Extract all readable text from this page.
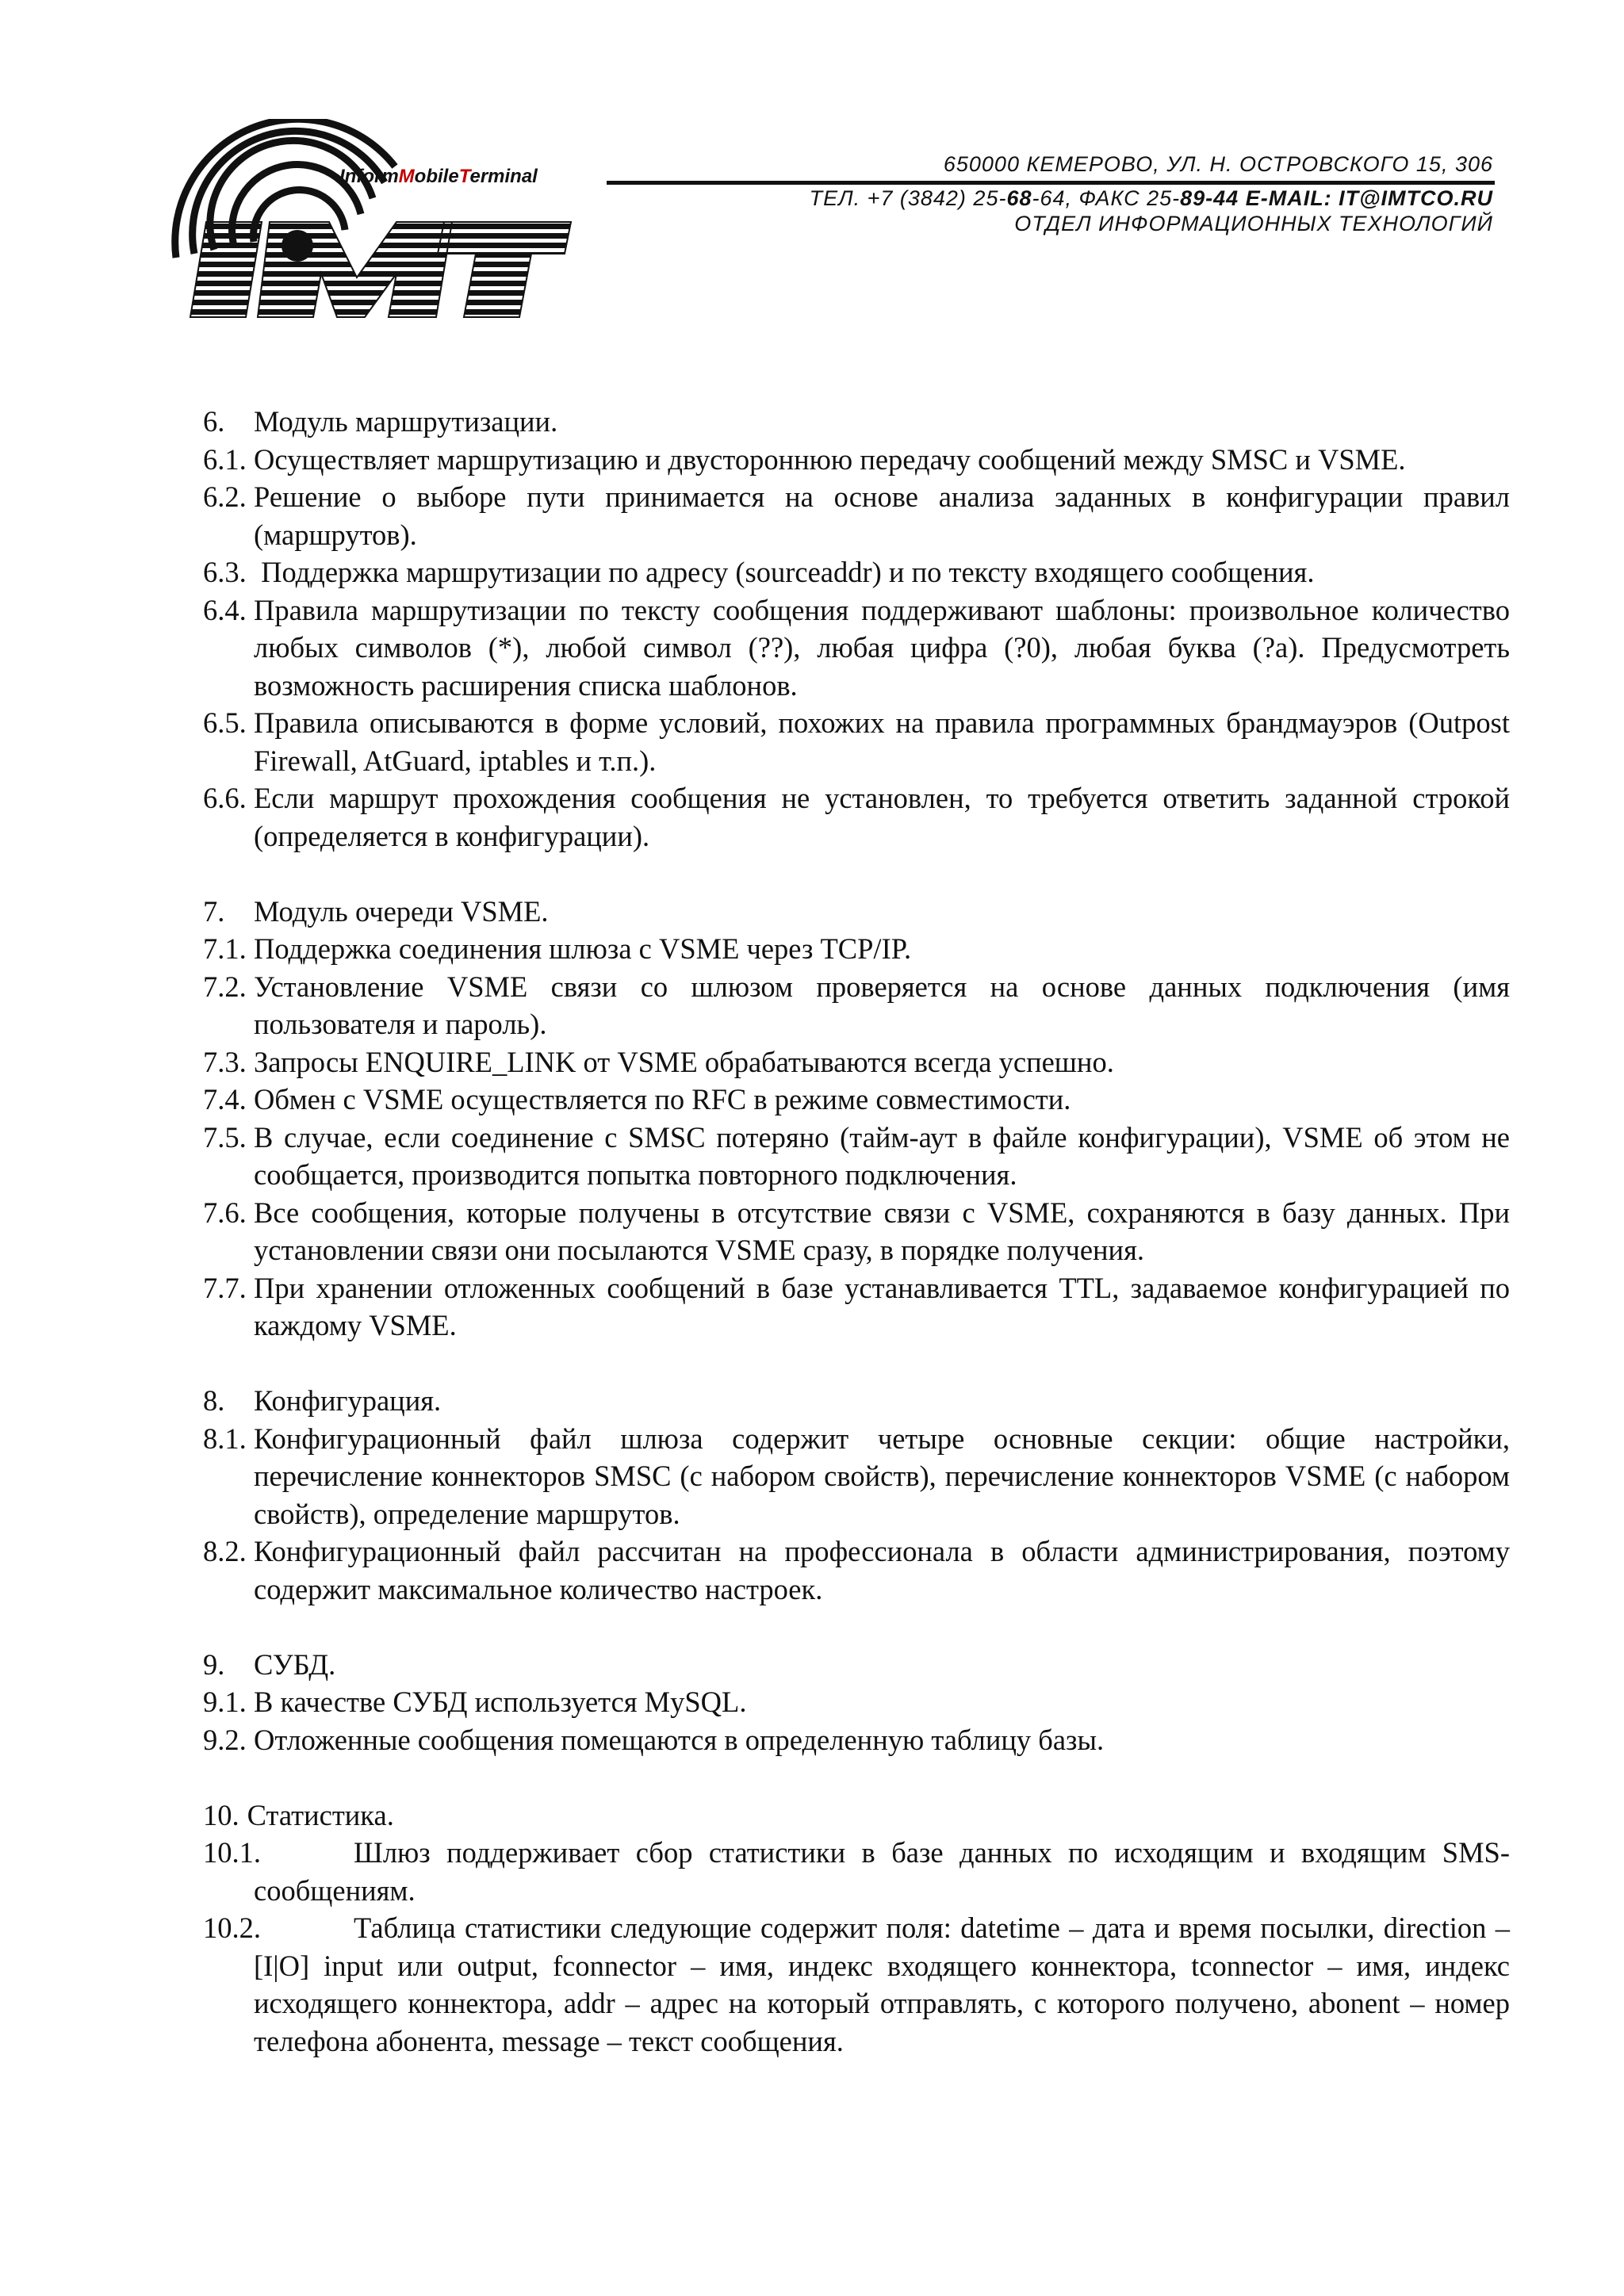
InformMobileTerminal
650000 КЕМЕРОВО, УЛ. Н. ОСТРОВСКОГО 15, 306
ТЕЛ. +7 (3842) 25-68-64, ФАКС 25-89-44 E-MAIL: IT@IMTCO.RU
ОТДЕЛ ИНФОРМАЦИОННЫХ ТЕХНОЛОГИЙ
6.	Модуль маршрутизации.
6.1. Осуществляет маршрутизацию и двустороннюю передачу сообщений между SMSC и VSME.
6.2. Решение о выборе пути принимается на основе анализа заданных в конфигурации правил (маршрутов).
6.3. Поддержка маршрутизации по адресу (sourceaddr) и по тексту входящего сообщения.
6.4. Правила маршрутизации по тексту сообщения поддерживают шаблоны: произвольное количество любых символов (*), любой символ (??), любая цифра (?0), любая буква (?a). Предусмотреть возможность расширения списка шаблонов.
6.5. Правила описываются в форме условий, похожих на правила программных брандмауэров (Outpost Firewall, AtGuard, iptables и т.п.).
6.6. Если маршрут прохождения сообщения не установлен, то требуется ответить заданной строкой (определяется в конфигурации).
7.	Модуль очереди VSME.
7.1. Поддержка соединения шлюза с VSME через TCP/IP.
7.2. Установление VSME связи со шлюзом проверяется на основе данных подключения (имя пользователя и пароль).
7.3. Запросы ENQUIRE_LINK от VSME обрабатываются всегда успешно.
7.4. Обмен с VSME осуществляется по RFC в режиме совместимости.
7.5. В случае, если соединение с SMSC потеряно (тайм-аут в файле конфигурации), VSME об этом не сообщается, производится попытка повторного подключения.
7.6. Все сообщения, которые получены в отсутствие связи с VSME, сохраняются в базу данных. При установлении связи они посылаются VSME сразу, в порядке получения.
7.7. При хранении отложенных сообщений в базе устанавливается TTL, задаваемое конфигурацией по каждому VSME.
8.	Конфигурация.
8.1. Конфигурационный файл шлюза содержит четыре основные секции: общие настройки, перечисление коннекторов SMSC (с набором свойств), перечисление коннекторов VSME (с набором свойств), определение маршрутов.
8.2. Конфигурационный файл рассчитан на профессионала в области администрирования, поэтому содержит максимальное количество настроек.
9.	СУБД.
9.1. В качестве СУБД используется MySQL.
9.2. Отложенные сообщения помещаются в определенную таблицу базы.
10. Статистика.
10.1.	Шлюз поддерживает сбор статистики в базе данных по исходящим и входящим SMS-сообщениям.
10.2.	Таблица статистики следующие содержит поля: datetime – дата и время посылки, direction – [I|O] input или output, fconnector – имя, индекс входящего коннектора, tconnector – имя, индекс исходящего коннектора, addr – адрес на который отправлять, с которого получено, abonent – номер телефона абонента, message – текст сообщения.
